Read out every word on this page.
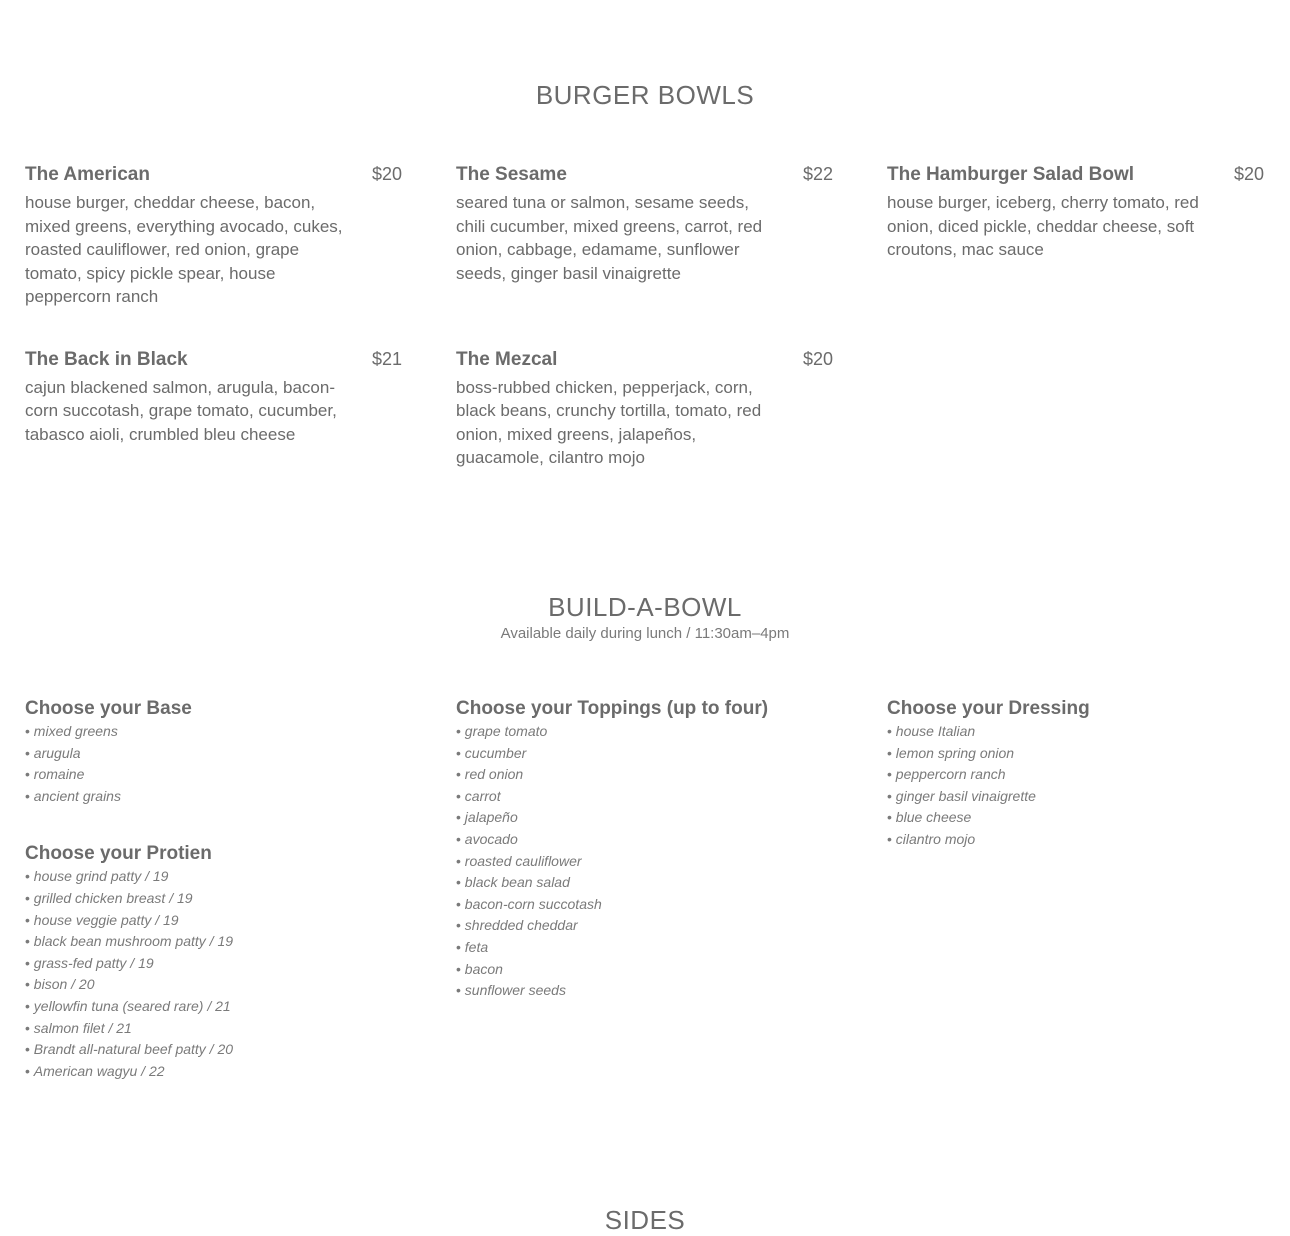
BURGER BOWLS
The American	$20
house burger, cheddar cheese, bacon, mixed greens, everything avocado, cukes, roasted cauliflower, red onion, grape tomato, spicy pickle spear, house peppercorn ranch
The Sesame	$22
seared tuna or salmon, sesame seeds, chili cucumber, mixed greens, carrot, red onion, cabbage, edamame, sunflower seeds, ginger basil vinaigrette
The Hamburger Salad Bowl	$20
house burger, iceberg, cherry tomato, red onion, diced pickle, cheddar cheese, soft croutons, mac sauce
The Back in Black	$21
cajun blackened salmon, arugula, bacon-corn succotash, grape tomato, cucumber, tabasco aioli, crumbled bleu cheese
The Mezcal	$20
boss-rubbed chicken, pepperjack, corn, black beans, crunchy tortilla, tomato, red onion, mixed greens, jalapeños, guacamole, cilantro mojo
BUILD-A-BOWL

Available daily during lunch / 11:30am–4pm

Choose your Base
• mixed greens
• arugula
• romaine
• ancient grains
Choose your Protien
• house grind patty / 19
• grilled chicken breast / 19
• house veggie patty / 19
• black bean mushroom patty / 19
• grass-fed patty / 19
• bison / 20
• yellowfin tuna (seared rare) / 21
• salmon filet / 21
• Brandt all-natural beef patty / 20
• American wagyu / 22
Choose your Toppings (up to four)
• grape tomato
• cucumber
• red onion
• carrot
• jalapeño
• avocado
• roasted cauliflower
• black bean salad
• bacon-corn succotash
• shredded cheddar
• feta
• bacon
• sunflower seeds
Choose your Dressing
• house Italian
• lemon spring onion
• peppercorn ranch
• ginger basil vinaigrette
• blue cheese
• cilantro mojo
SIDES
